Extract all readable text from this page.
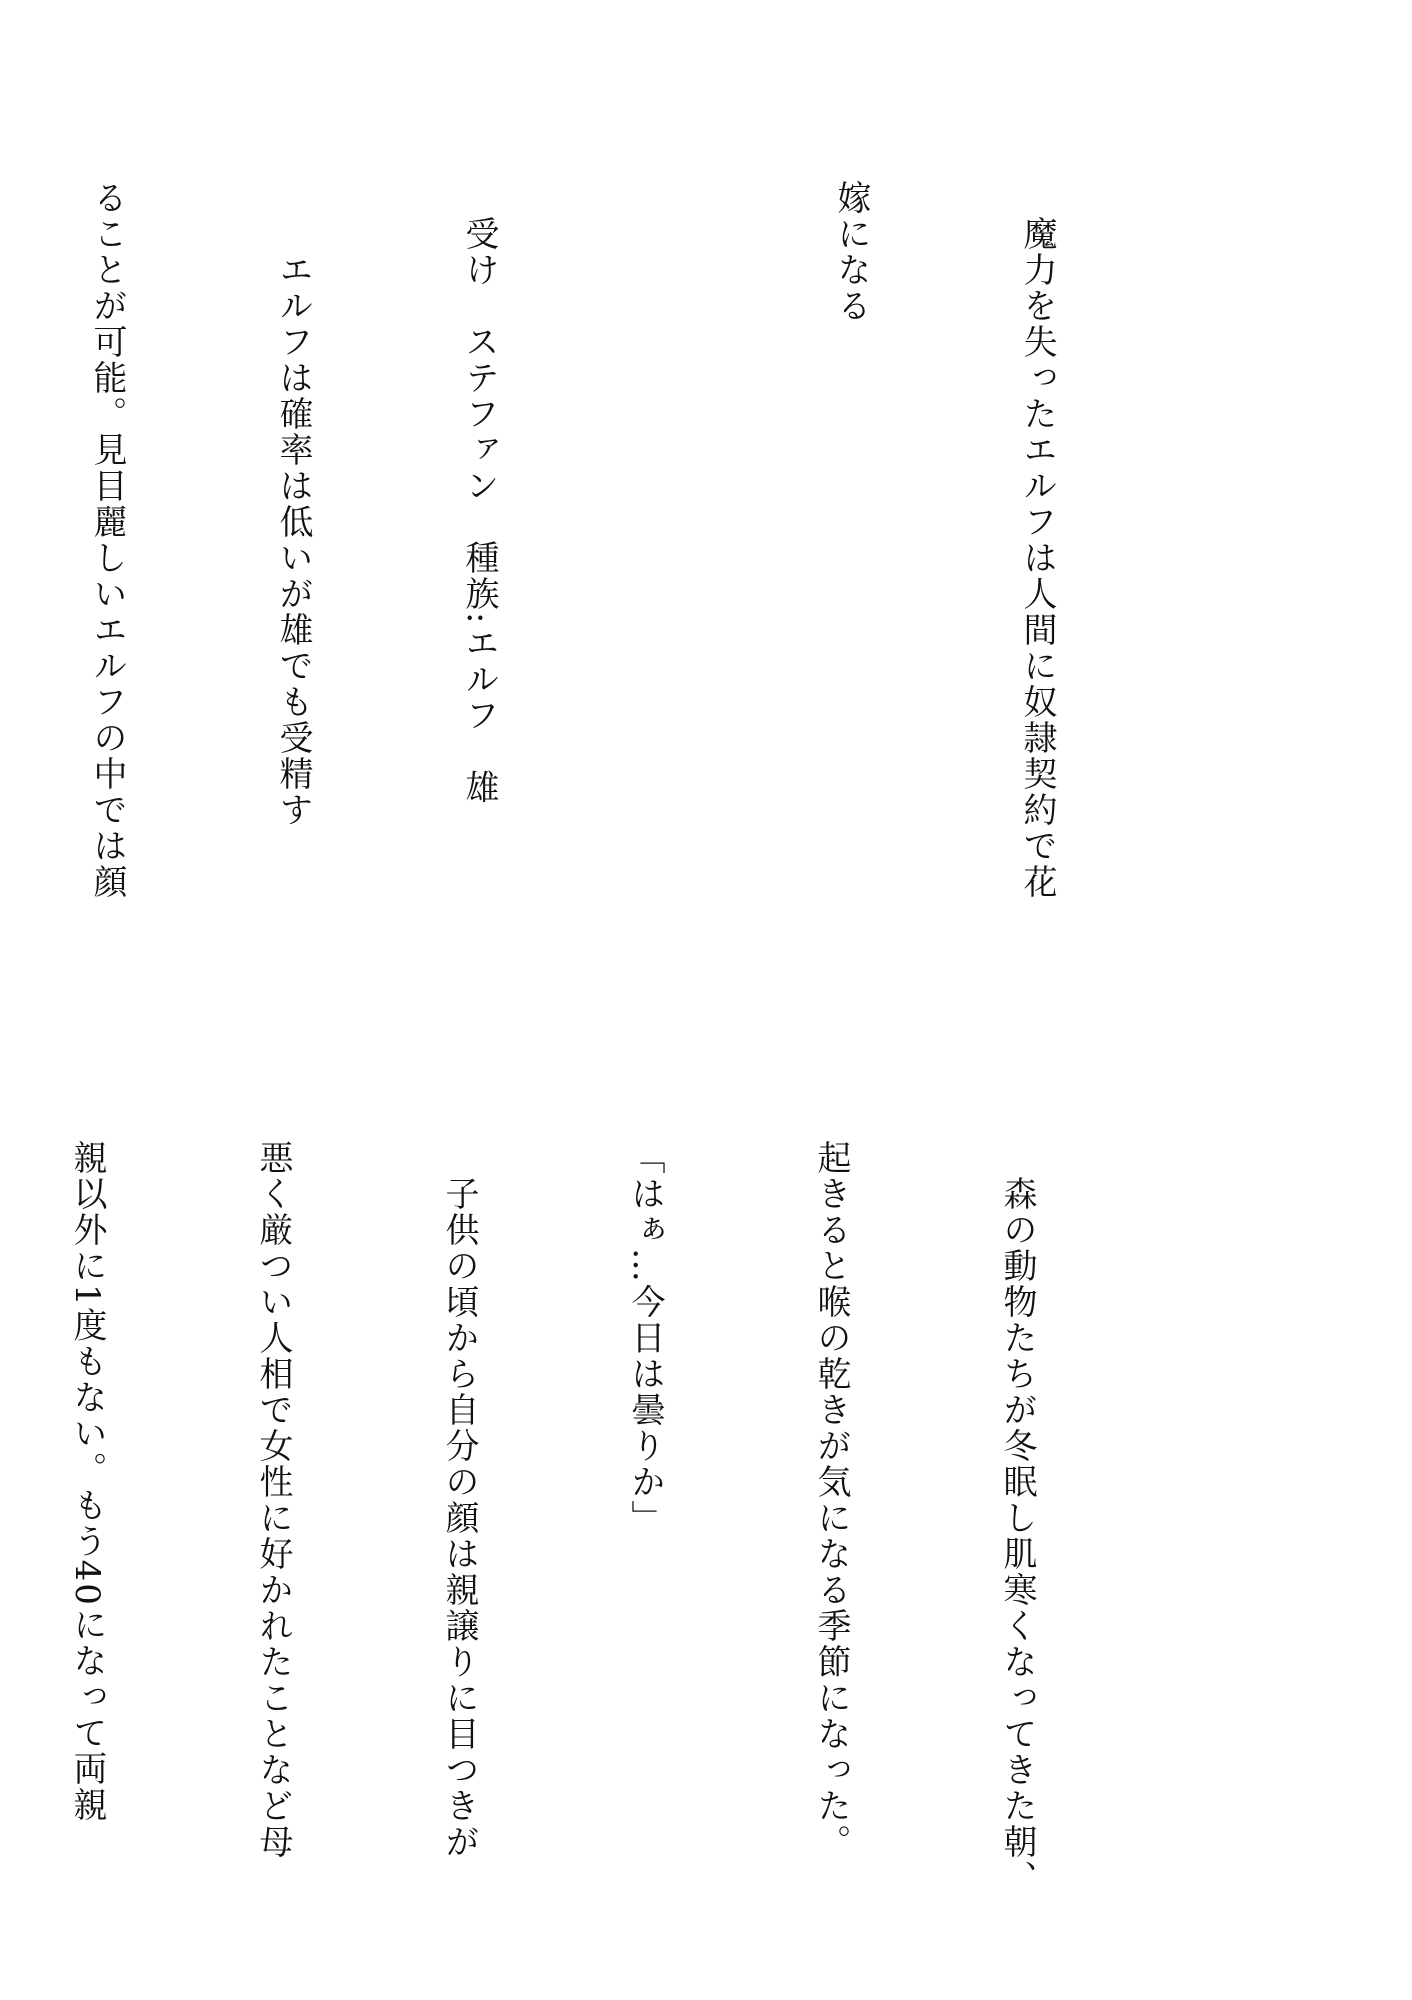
　魔力を失ったエルフは人間に奴隷契約で花

嫁になる

　受け　ステファン　種族:エルフ　雄

　　エルフは確率は低いが雄でも受精す

ることが可能。見目麗しいエルフの中では顔

　森の動物たちが冬眠し肌寒くなってきた朝、

起きると喉の乾きが気になる季節になった。

「はぁ…今日は曇りか」

　子供の頃から自分の顔は親譲りに目つきが

悪く厳つい人相で女性に好かれたことなど母

親以外に1度もない。もう40になって両親
